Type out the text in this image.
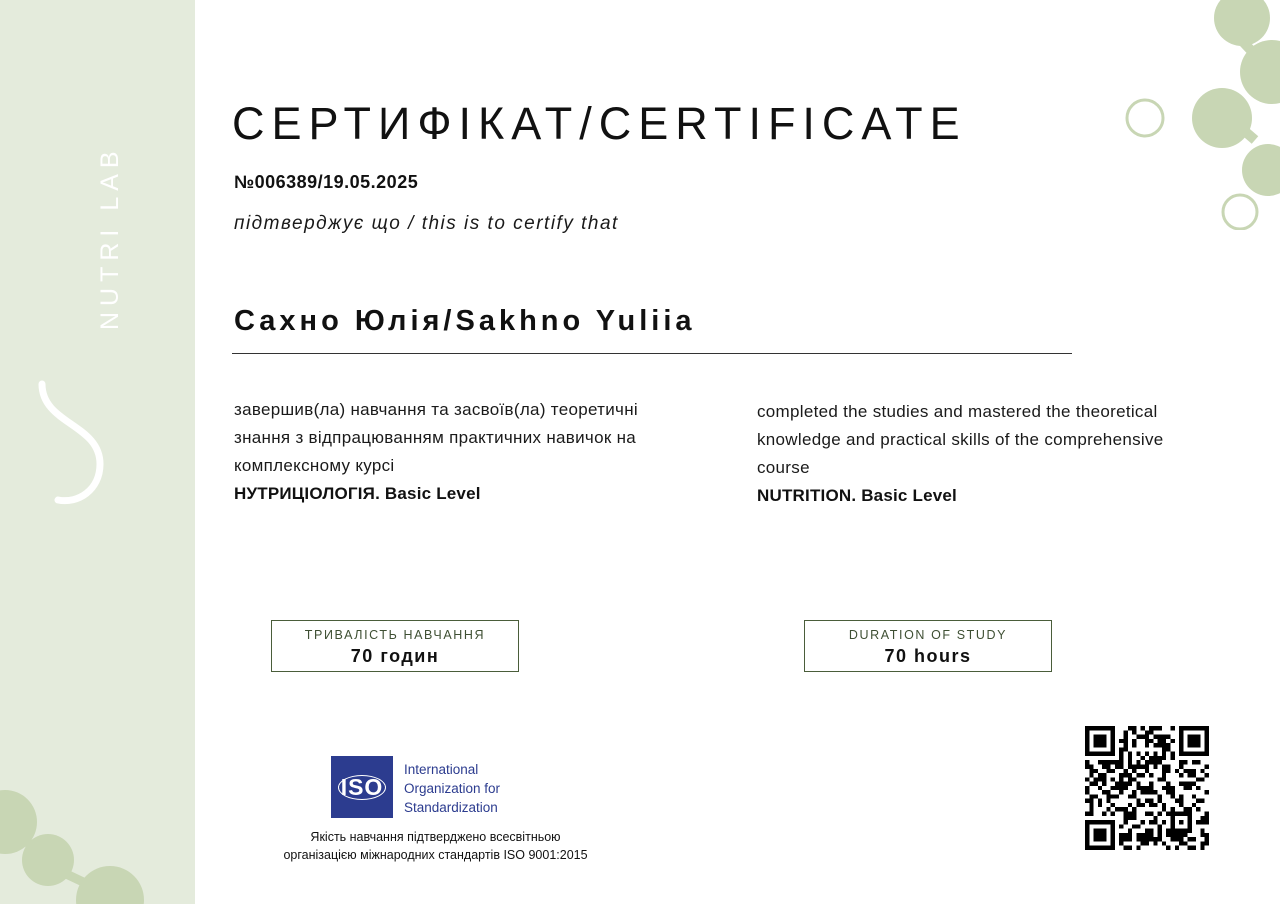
NUTRI LAB
СЕРТИФІКАТ/CERTIFICATE
№006389/19.05.2025
підтверджує що / this is to certify that
Сахно Юлія/Sakhno Yuliia
завершив(ла) навчання та засвоїв(ла) теоретичні знання з відпрацюванням практичних навичок на комплексному курсі
НУТРИЦІОЛОГІЯ. Basic Level
completed the studies and mastered the theoretical knowledge and practical skills of the comprehensive course
NUTRITION. Basic Level
ТРИВАЛІСТЬ НАВЧАННЯ
70 годин
DURATION OF STUDY
70 hours
ISO
International
Organization for
Standardization
Якість навчання підтверджено всесвітньою
організацією міжнародних стандартів ISO 9001:2015
